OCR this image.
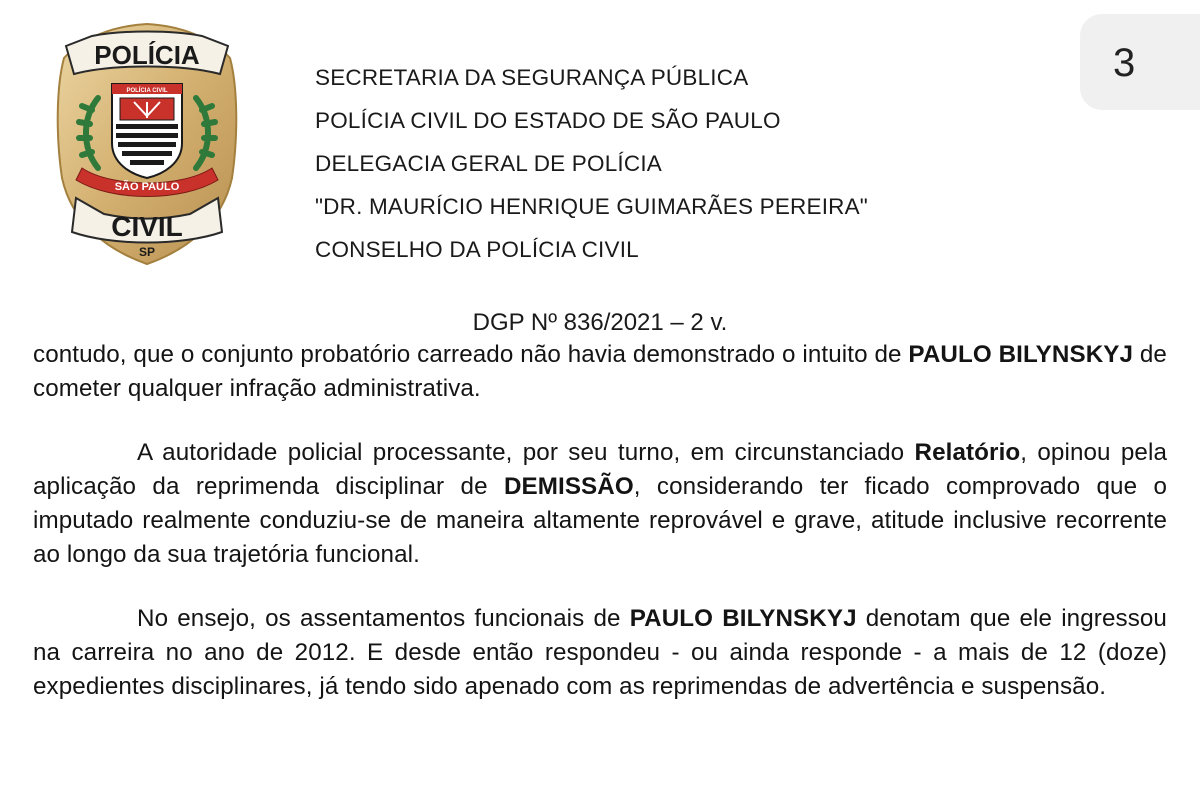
POLÍCIA
POLÍCIA CIVIL
SÃO PAULO
CIVIL
SP
SECRETARIA DA SEGURANÇA PÚBLICA
POLÍCIA CIVIL DO ESTADO DE SÃO PAULO
DELEGACIA GERAL DE POLÍCIA
"DR. MAURÍCIO HENRIQUE GUIMARÃES PEREIRA"
CONSELHO DA POLÍCIA CIVIL
3
DGP Nº 836/2021 – 2 v.

contudo, que o conjunto probatório carreado não havia demonstrado o intuito de PAULO BILYNSKYJ de cometer qualquer infração administrativa.

A autoridade policial processante, por seu turno, em circunstanciado Relatório, opinou pela aplicação da reprimenda disciplinar de DEMISSÃO, considerando ter ficado comprovado que o imputado realmente conduziu-se de maneira altamente reprovável e grave, atitude inclusive recorrente ao longo da sua trajetória funcional.

No ensejo, os assentamentos funcionais de PAULO BILYNSKYJ denotam que ele ingressou na carreira no ano de 2012. E desde então respondeu - ou ainda responde - a mais de 12 (doze) expedientes disciplinares, já tendo sido apenado com as reprimendas de advertência e suspensão.
